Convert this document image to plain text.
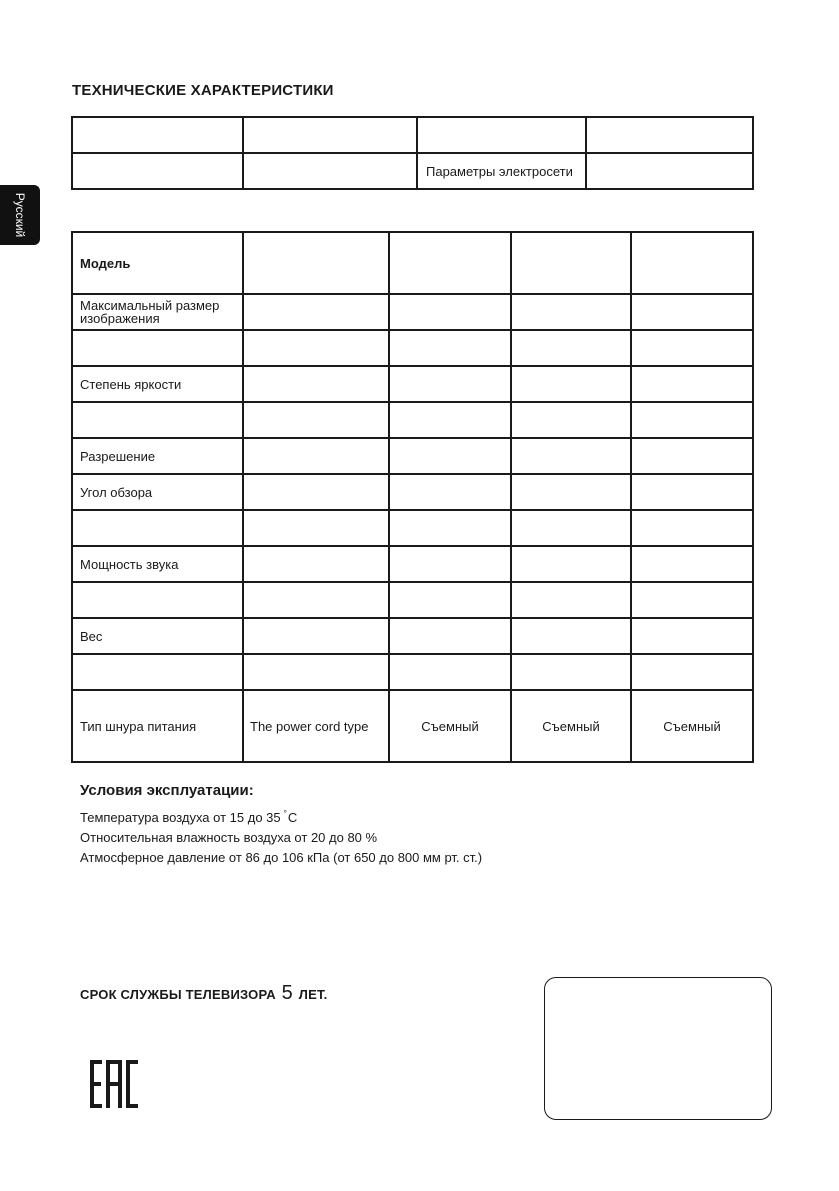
Русский
ТЕХНИЧЕСКИЕ ХАРАКТЕРИСТИКИ

		Параметры электросети	
Модель				
Максимальный размер изображения				

Степень яркости				

Разрешение				
Угол обзора				

Мощность звука				

Вес				

Тип шнура питания	The power cord type	Съемный	Съемный	Съемный
Условия эксплуатации:

Температура воздуха от 15 до 35 °C

Относительная влажность воздуха от 20 до 80 %

Атмосферное давление от 86 до 106 кПа (от 650 до 800 мм рт. ст.)

СРОК СЛУЖБЫ ТЕЛЕВИЗОРА 5 ЛЕТ.
